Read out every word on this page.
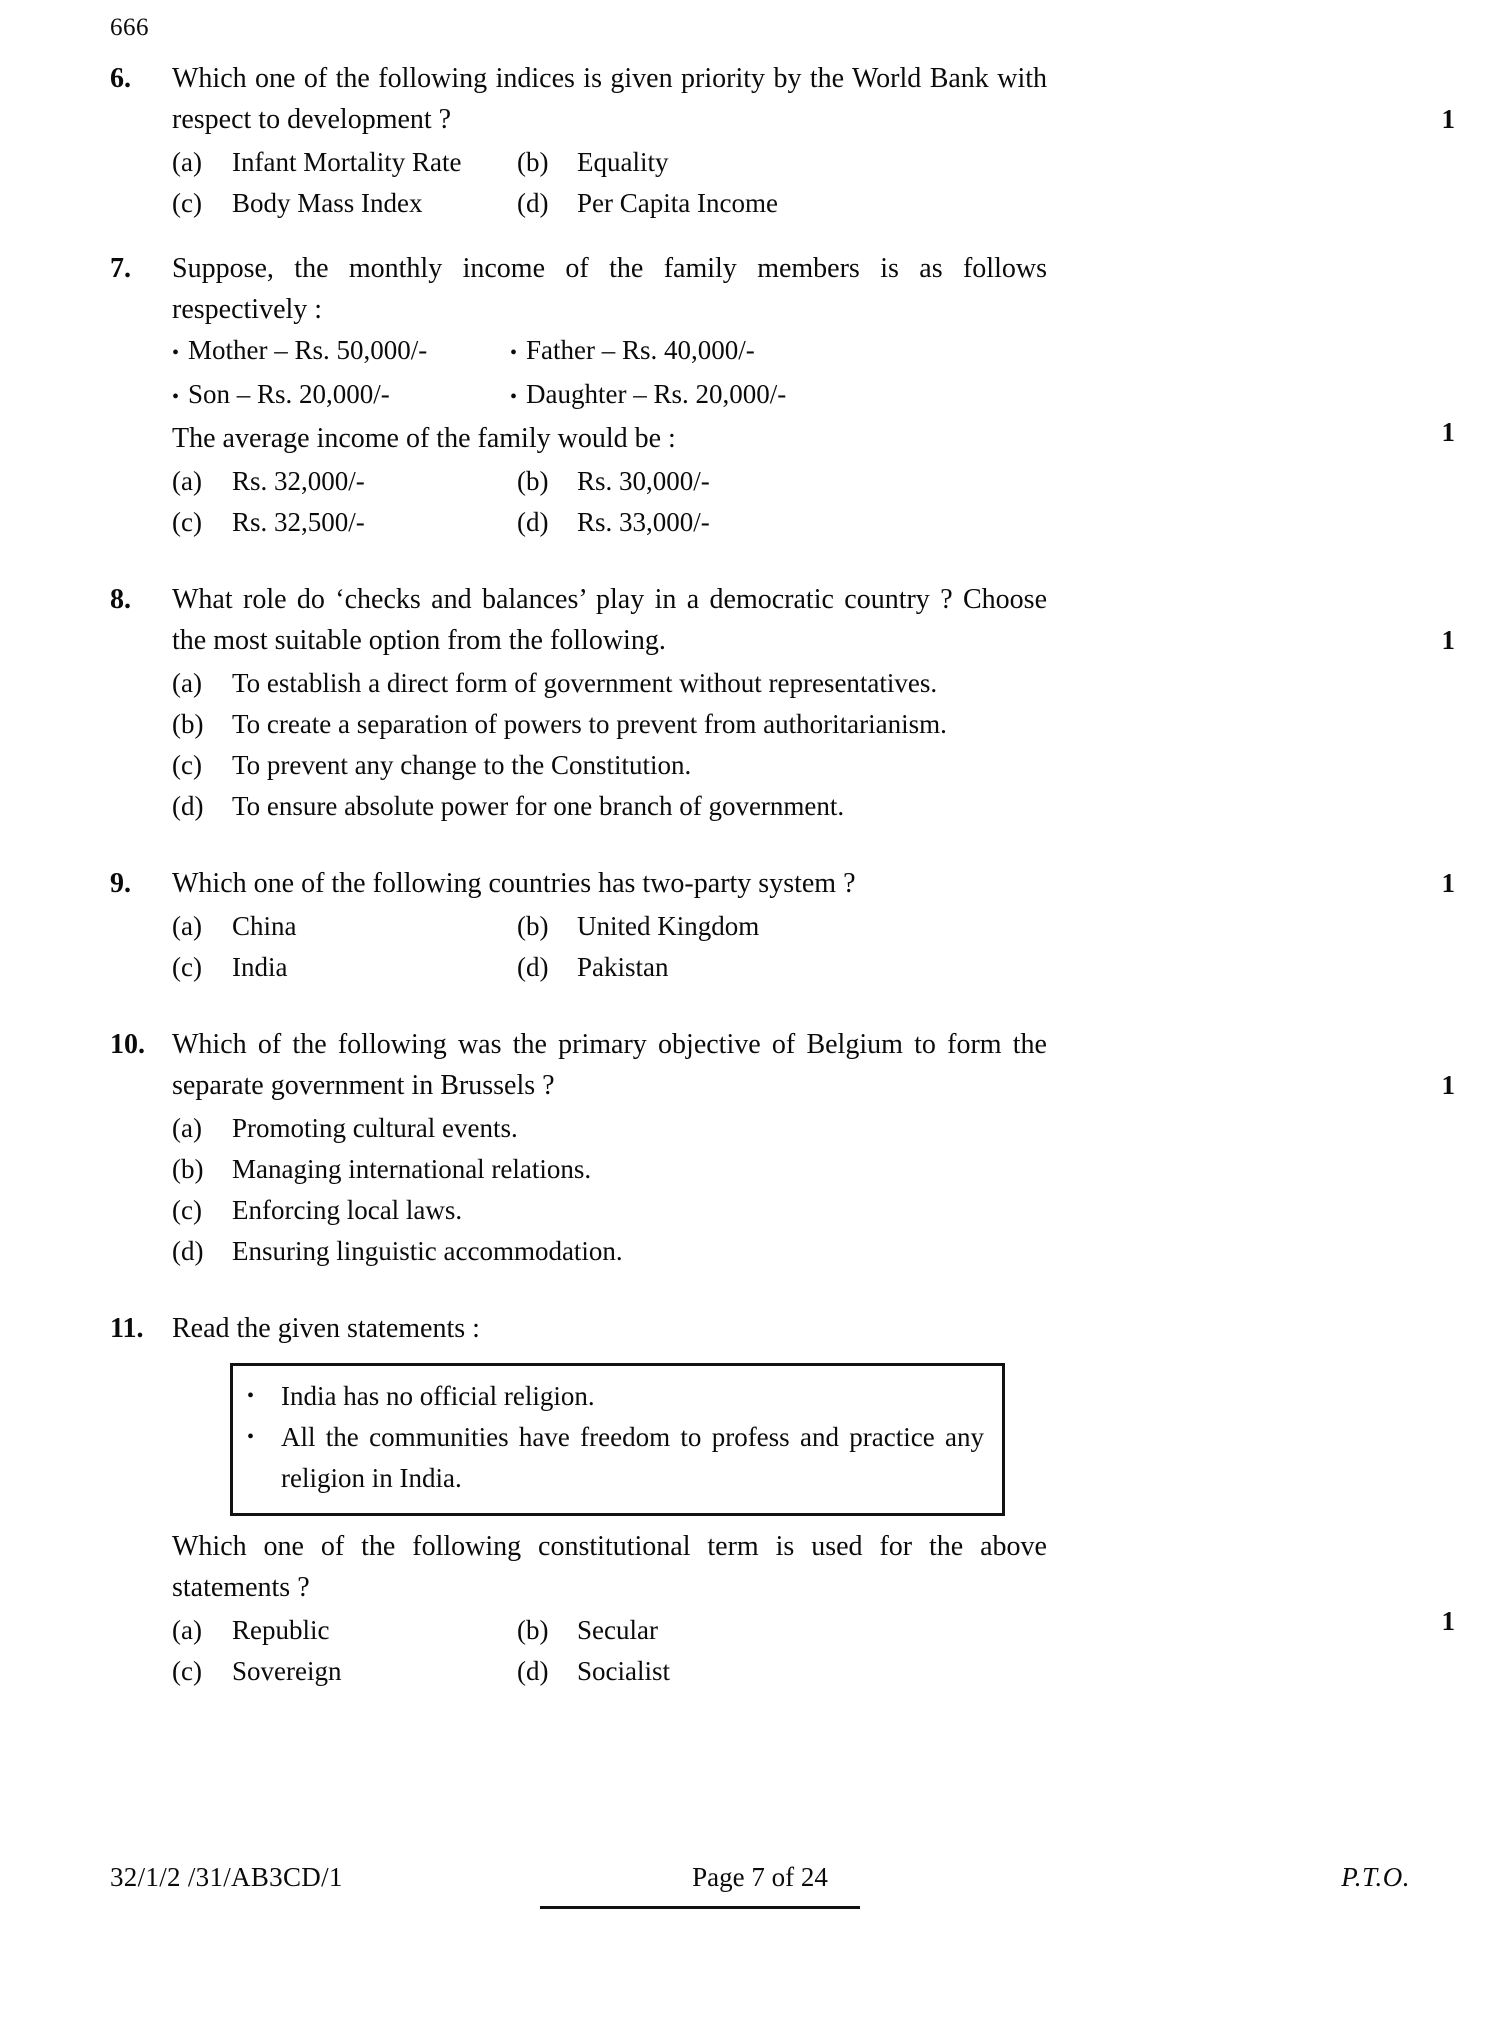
666
6.	Which one of the following indices is given priority by the World Bank with respect to development ?	1
(a)	Infant Mortality Rate (b)	Equality
(c)	Body Mass Index	(d)	Per Capita Income
7.	Suppose, the monthly income of the family members is as follows respectively :
• Mother – Rs. 50,000/-	• Father – Rs. 40,000/-
• Son – Rs. 20,000/-	• Daughter – Rs. 20,000/-
The average income of the family would be :	1
(a)	Rs. 32,000/-	(b)	Rs. 30,000/-
(c)	Rs. 32,500/-	(d)	Rs. 33,000/-
8.	What role do ‘checks and balances’ play in a democratic country ? Choose the most suitable option from the following.	1
(a)	To establish a direct form of government without representatives.
(b)	To create a separation of powers to prevent from authoritarianism.
(c)	To prevent any change to the Constitution.
(d)	To ensure absolute power for one branch of government.
9.	Which one of the following countries has two-party system ?	1
(a)	China	(b)	United Kingdom
(c)	India	(d)	Pakistan
10. Which of the following was the primary objective of Belgium to form the separate government in Brussels ?	1
(a)	Promoting cultural events.
(b)	Managing international relations.
(c)	Enforcing local laws.
(d)	Ensuring linguistic accommodation.
11.	Read the given statements :
• India has no official religion.
• All the communities have freedom to profess and practice any religion in India.
Which one of the following constitutional term is used for the above statements ?
1
(a)	Republic	(b)	Secular
(c)	Sovereign	(d)	Socialist
32/1/2 /31/AB3CD/1	Page 7 of 24	P.T.O.
